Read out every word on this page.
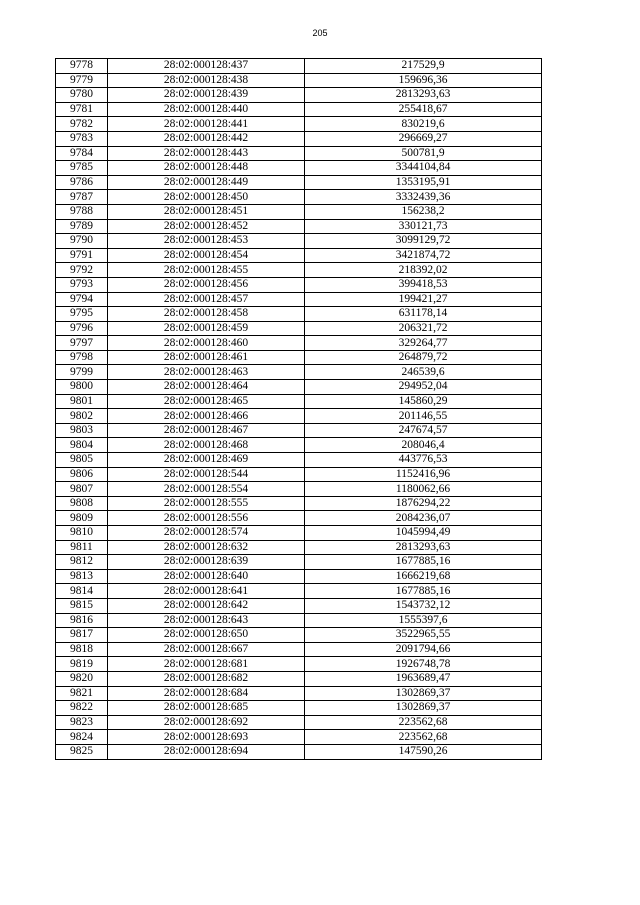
205
9778	28:02:000128:437	217529,9
9779	28:02:000128:438	159696,36
9780	28:02:000128:439	2813293,63
9781	28:02:000128:440	255418,67
9782	28:02:000128:441	830219,6
9783	28:02:000128:442	296669,27
9784	28:02:000128:443	500781,9
9785	28:02:000128:448	3344104,84
9786	28:02:000128:449	1353195,91
9787	28:02:000128:450	3332439,36
9788	28:02:000128:451	156238,2
9789	28:02:000128:452	330121,73
9790	28:02:000128:453	3099129,72
9791	28:02:000128:454	3421874,72
9792	28:02:000128:455	218392,02
9793	28:02:000128:456	399418,53
9794	28:02:000128:457	199421,27
9795	28:02:000128:458	631178,14
9796	28:02:000128:459	206321,72
9797	28:02:000128:460	329264,77
9798	28:02:000128:461	264879,72
9799	28:02:000128:463	246539,6
9800	28:02:000128:464	294952,04
9801	28:02:000128:465	145860,29
9802	28:02:000128:466	201146,55
9803	28:02:000128:467	247674,57
9804	28:02:000128:468	208046,4
9805	28:02:000128:469	443776,53
9806	28:02:000128:544	1152416,96
9807	28:02:000128:554	1180062,66
9808	28:02:000128:555	1876294,22
9809	28:02:000128:556	2084236,07
9810	28:02:000128:574	1045994,49
9811	28:02:000128:632	2813293,63
9812	28:02:000128:639	1677885,16
9813	28:02:000128:640	1666219,68
9814	28:02:000128:641	1677885,16
9815	28:02:000128:642	1543732,12
9816	28:02:000128:643	1555397,6
9817	28:02:000128:650	3522965,55
9818	28:02:000128:667	2091794,66
9819	28:02:000128:681	1926748,78
9820	28:02:000128:682	1963689,47
9821	28:02:000128:684	1302869,37
9822	28:02:000128:685	1302869,37
9823	28:02:000128:692	223562,68
9824	28:02:000128:693	223562,68
9825	28:02:000128:694	147590,26
